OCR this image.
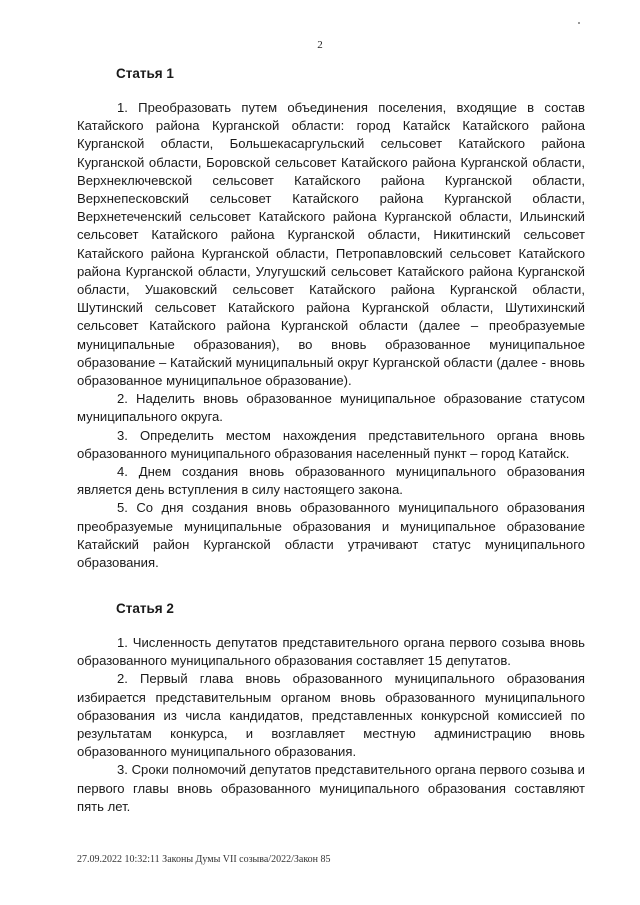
2
Статья 1

1. Преобразовать путем объединения поселения, входящие в состав Катайского района Курганской области: город Катайск Катайского района Курганской области, Большекасаргульский сельсовет Катайского района Курганской области, Боровской сельсовет Катайского района Курганской области, Верхнеключевской сельсовет Катайского района Курганской области, Верхнепесковский сельсовет Катайского района Курганской области, Верхнетеченский сельсовет Катайского района Курганской области, Ильинский сельсовет Катайского района Курганской области, Никитинский сельсовет Катайского района Курганской области, Петропавловский сельсовет Катайского района Курганской области, Улугушский сельсовет Катайского района Курганской области, Ушаковский сельсовет Катайского района Курганской области, Шутинский сельсовет Катайского района Курганской области, Шутихинский сельсовет Катайского района Курганской области (далее – преобразуемые муниципальные образования), во вновь образованное муниципальное образование – Катайский муниципальный округ Курганской области (далее - вновь образованное муниципальное образование).

2. Наделить вновь образованное муниципальное образование статусом муниципального округа.

3. Определить местом нахождения представительного органа вновь образованного муниципального образования населенный пункт – город Катайск.

4. Днем создания вновь образованного муниципального образования является день вступления в силу настоящего закона.

5. Со дня создания вновь образованного муниципального образования преобразуемые муниципальные образования и муниципальное образование Катайский район Курганской области утрачивают статус муниципального образования.

Статья 2

1. Численность депутатов представительного органа первого созыва вновь образованного муниципального образования составляет 15 депутатов.

2. Первый глава вновь образованного муниципального образования избирается представительным органом вновь образованного муниципального образования из числа кандидатов, представленных конкурсной комиссией по результатам конкурса, и возглавляет местную администрацию вновь образованного муниципального образования.

3. Сроки полномочий депутатов представительного органа первого созыва и первого главы вновь образованного муниципального образования составляют пять лет.

27.09.2022 10:32:11 Законы Думы VII созыва/2022/Закон 85
